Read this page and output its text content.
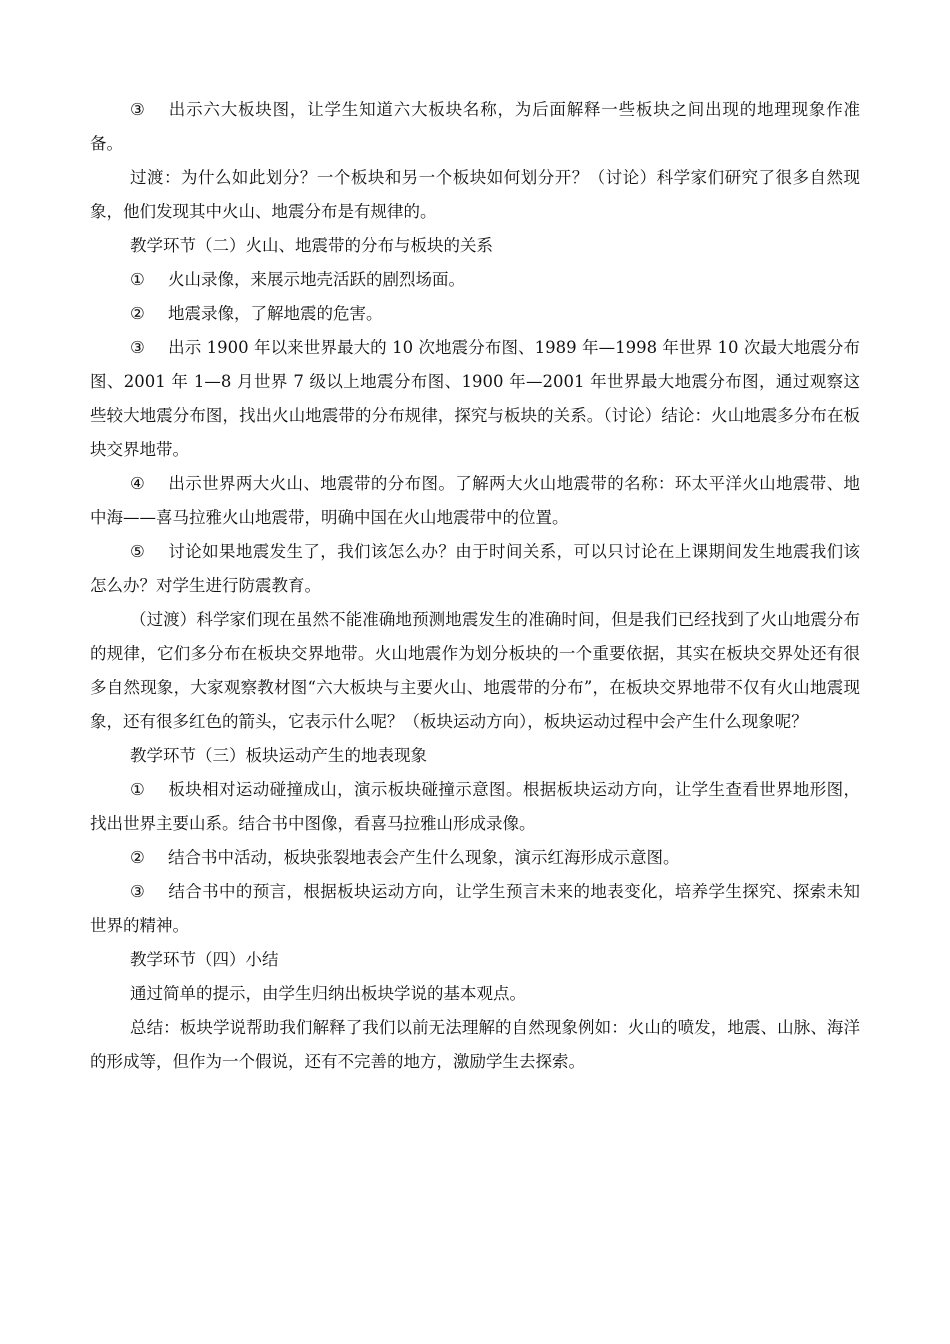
③ 出示六大板块图，让学生知道六大板块名称，为后面解释一些板块之间出现的地理现象作准备。

过渡：为什么如此划分？一个板块和另一个板块如何划分开？（讨论）科学家们研究了很多自然现象，他们发现其中火山、地震分布是有规律的。

教学环节（二）火山、地震带的分布与板块的关系

① 火山录像，来展示地壳活跃的剧烈场面。

② 地震录像，了解地震的危害。

③ 出示 1900 年以来世界最大的 10 次地震分布图、1989 年—1998 年世界 10 次最大地震分布图、2001 年 1—8 月世界 7 级以上地震分布图、1900 年—2001 年世界最大地震分布图，通过观察这些较大地震分布图，找出火山地震带的分布规律，探究与板块的关系。（讨论）结论：火山地震多分布在板块交界地带。

④ 出示世界两大火山、地震带的分布图。了解两大火山地震带的名称：环太平洋火山地震带、地中海——喜马拉雅火山地震带，明确中国在火山地震带中的位置。

⑤ 讨论如果地震发生了，我们该怎么办？由于时间关系，可以只讨论在上课期间发生地震我们该怎么办？对学生进行防震教育。

（过渡）科学家们现在虽然不能准确地预测地震发生的准确时间，但是我们已经找到了火山地震分布的规律，它们多分布在板块交界地带。火山地震作为划分板块的一个重要依据，其实在板块交界处还有很多自然现象，大家观察教材图“六大板块与主要火山、地震带的分布”，在板块交界地带不仅有火山地震现象，还有很多红色的箭头，它表示什么呢？（板块运动方向），板块运动过程中会产生什么现象呢？

教学环节（三）板块运动产生的地表现象

① 板块相对运动碰撞成山，演示板块碰撞示意图。根据板块运动方向，让学生查看世界地形图，找出世界主要山系。结合书中图像，看喜马拉雅山形成录像。

② 结合书中活动，板块张裂地表会产生什么现象，演示红海形成示意图。

③ 结合书中的预言，根据板块运动方向，让学生预言未来的地表变化，培养学生探究、探索未知世界的精神。

教学环节（四）小结

通过简单的提示，由学生归纳出板块学说的基本观点。

总结：板块学说帮助我们解释了我们以前无法理解的自然现象例如：火山的喷发，地震、山脉、海洋的形成等，但作为一个假说，还有不完善的地方，激励学生去探索。
